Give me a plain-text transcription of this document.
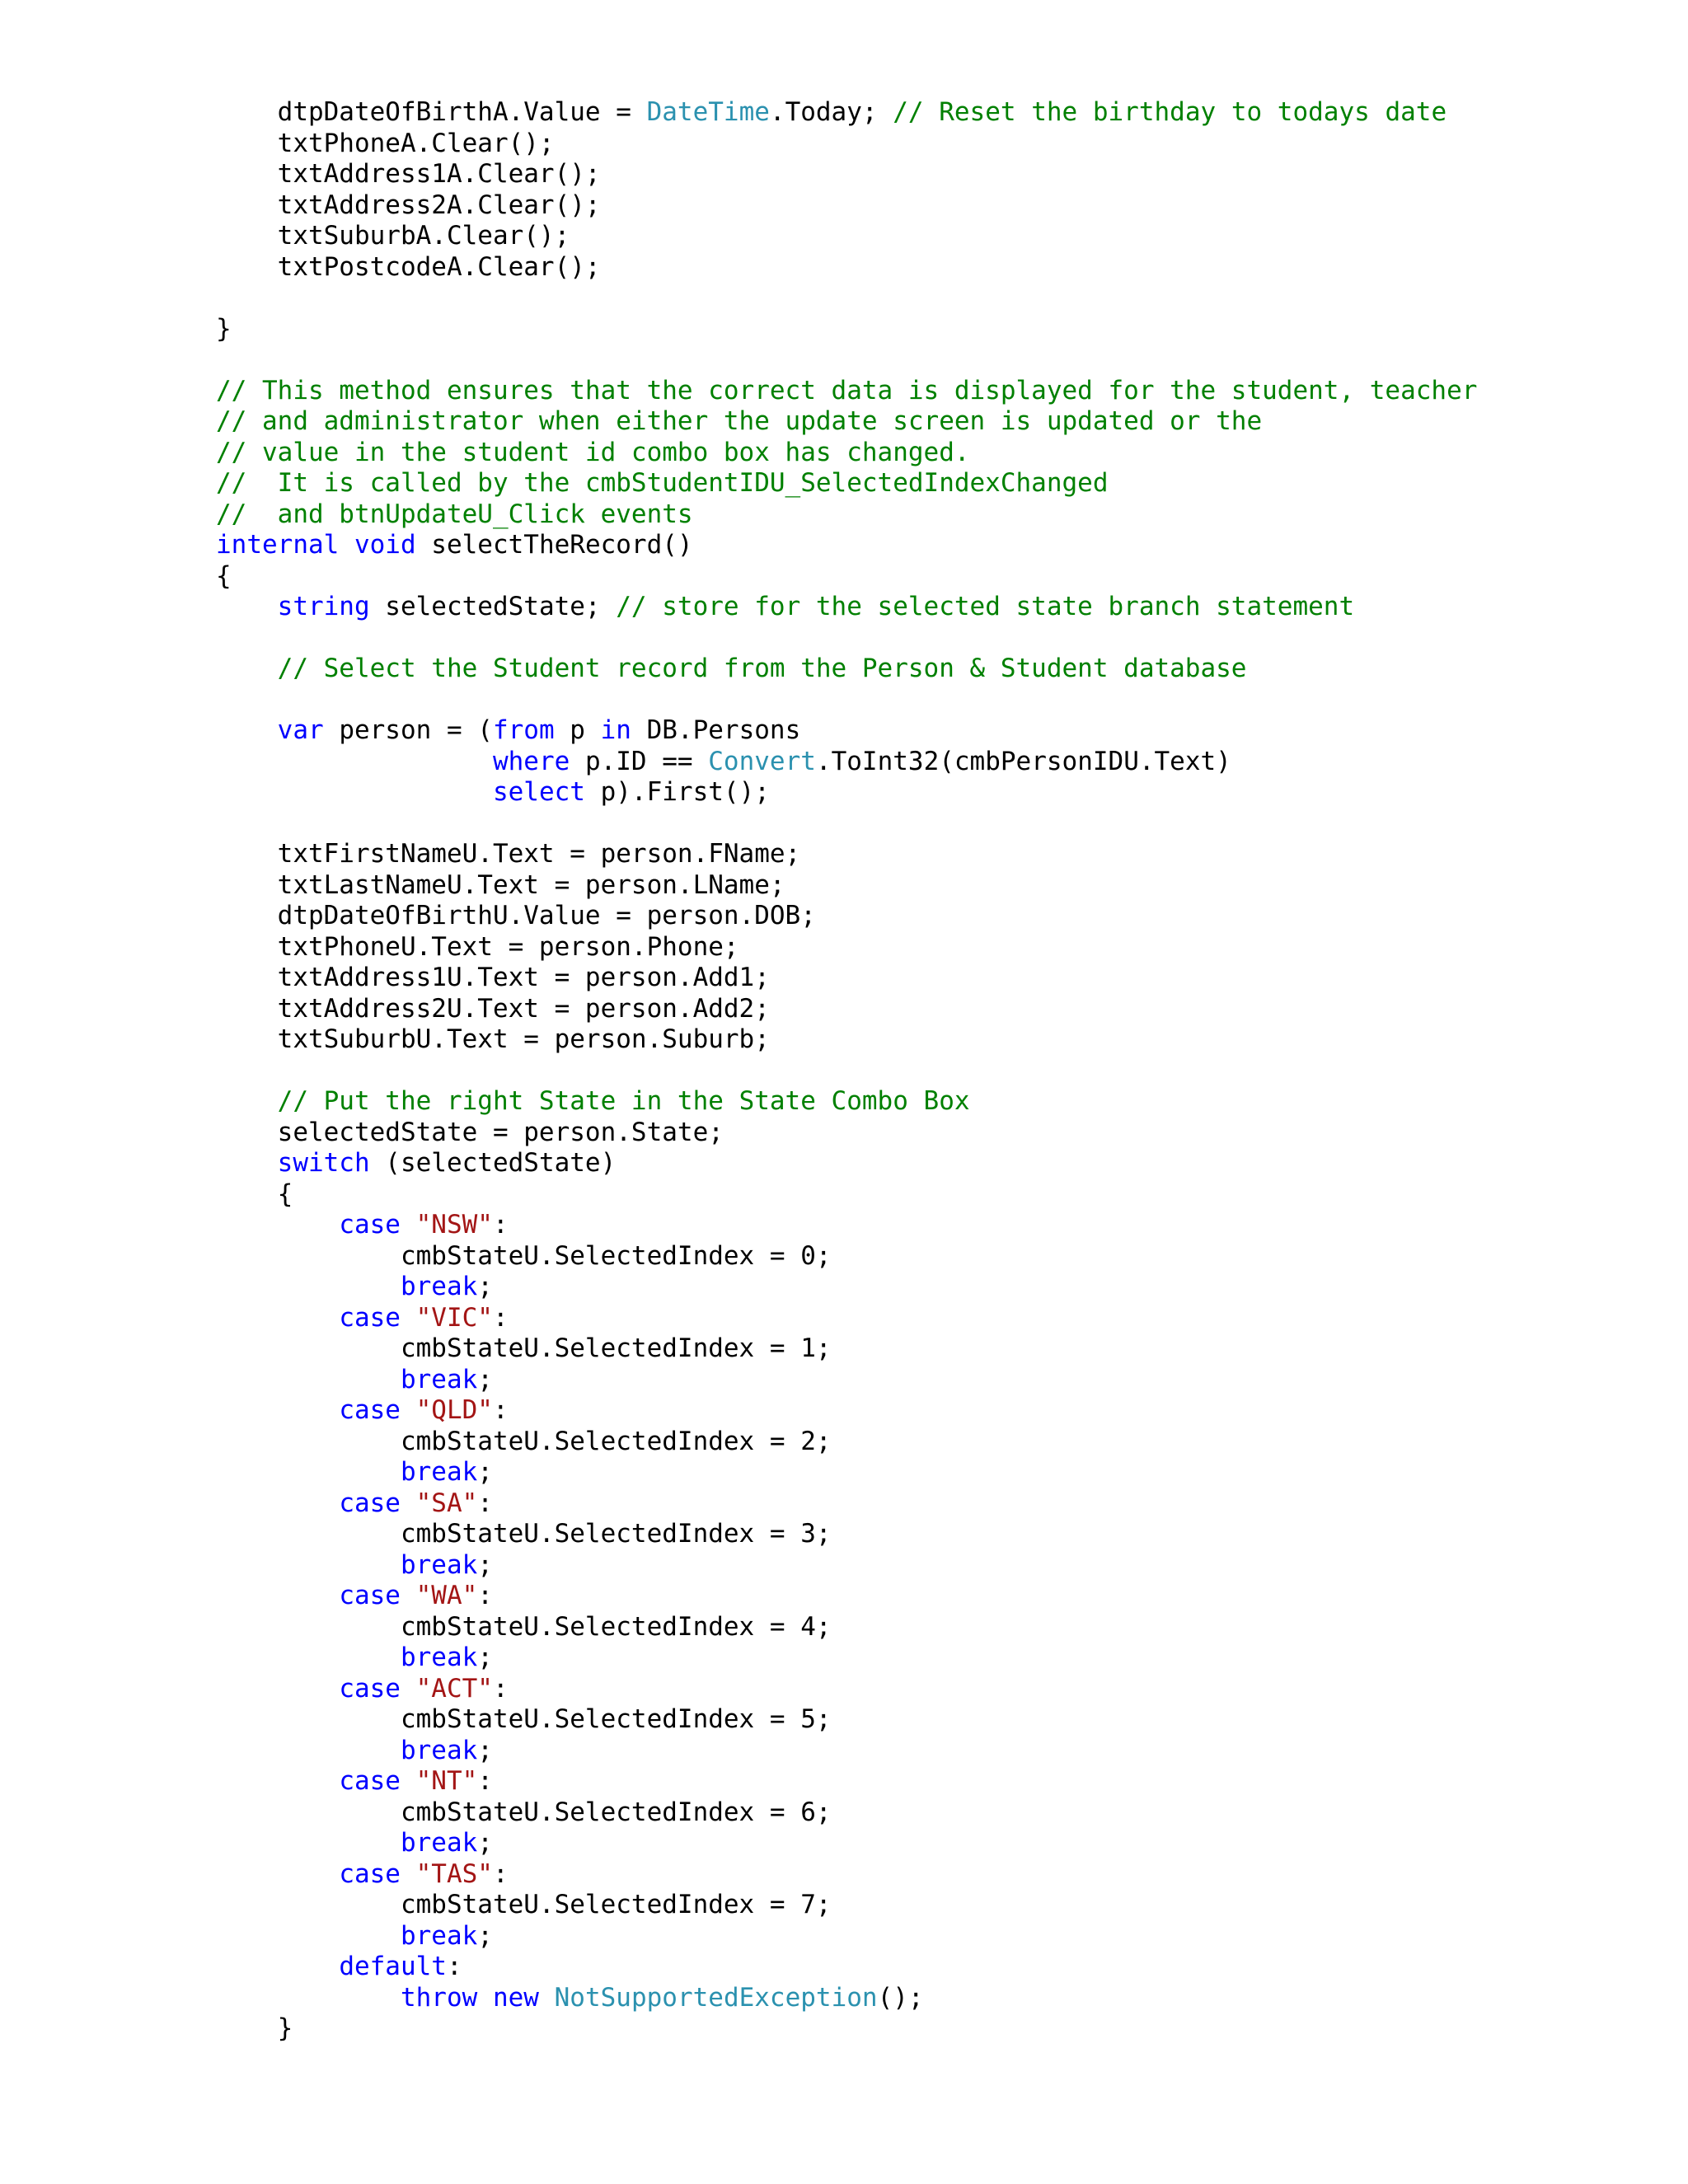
dtpDateOfBirthA.Value = DateTime.Today; // Reset the birthday to todays date
txtPhoneA.Clear();
txtAddress1A.Clear();
txtAddress2A.Clear();
txtSuburbA.Clear();
txtPostcodeA.Clear();
}
// This method ensures that the correct data is displayed for the student, teacher
// and administrator when either the update screen is updated or the
// value in the student id combo box has changed.
//  It is called by the cmbStudentIDU_SelectedIndexChanged
//  and btnUpdateU_Click events
internal void selectTheRecord()
{
string selectedState; // store for the selected state branch statement
// Select the Student record from the Person & Student database
var person = (from p in DB.Persons
where p.ID == Convert.ToInt32(cmbPersonIDU.Text)
select p).First();
txtFirstNameU.Text = person.FName;
txtLastNameU.Text = person.LName;
dtpDateOfBirthU.Value = person.DOB;
txtPhoneU.Text = person.Phone;
txtAddress1U.Text = person.Add1;
txtAddress2U.Text = person.Add2;
txtSuburbU.Text = person.Suburb;
// Put the right State in the State Combo Box
selectedState = person.State;
switch (selectedState)
{
case "NSW":
cmbStateU.SelectedIndex = 0;
break;
case "VIC":
cmbStateU.SelectedIndex = 1;
break;
case "QLD":
cmbStateU.SelectedIndex = 2;
break;
case "SA":
cmbStateU.SelectedIndex = 3;
break;
case "WA":
cmbStateU.SelectedIndex = 4;
break;
case "ACT":
cmbStateU.SelectedIndex = 5;
break;
case "NT":
cmbStateU.SelectedIndex = 6;
break;
case "TAS":
cmbStateU.SelectedIndex = 7;
break;
default:
throw new NotSupportedException();
}
